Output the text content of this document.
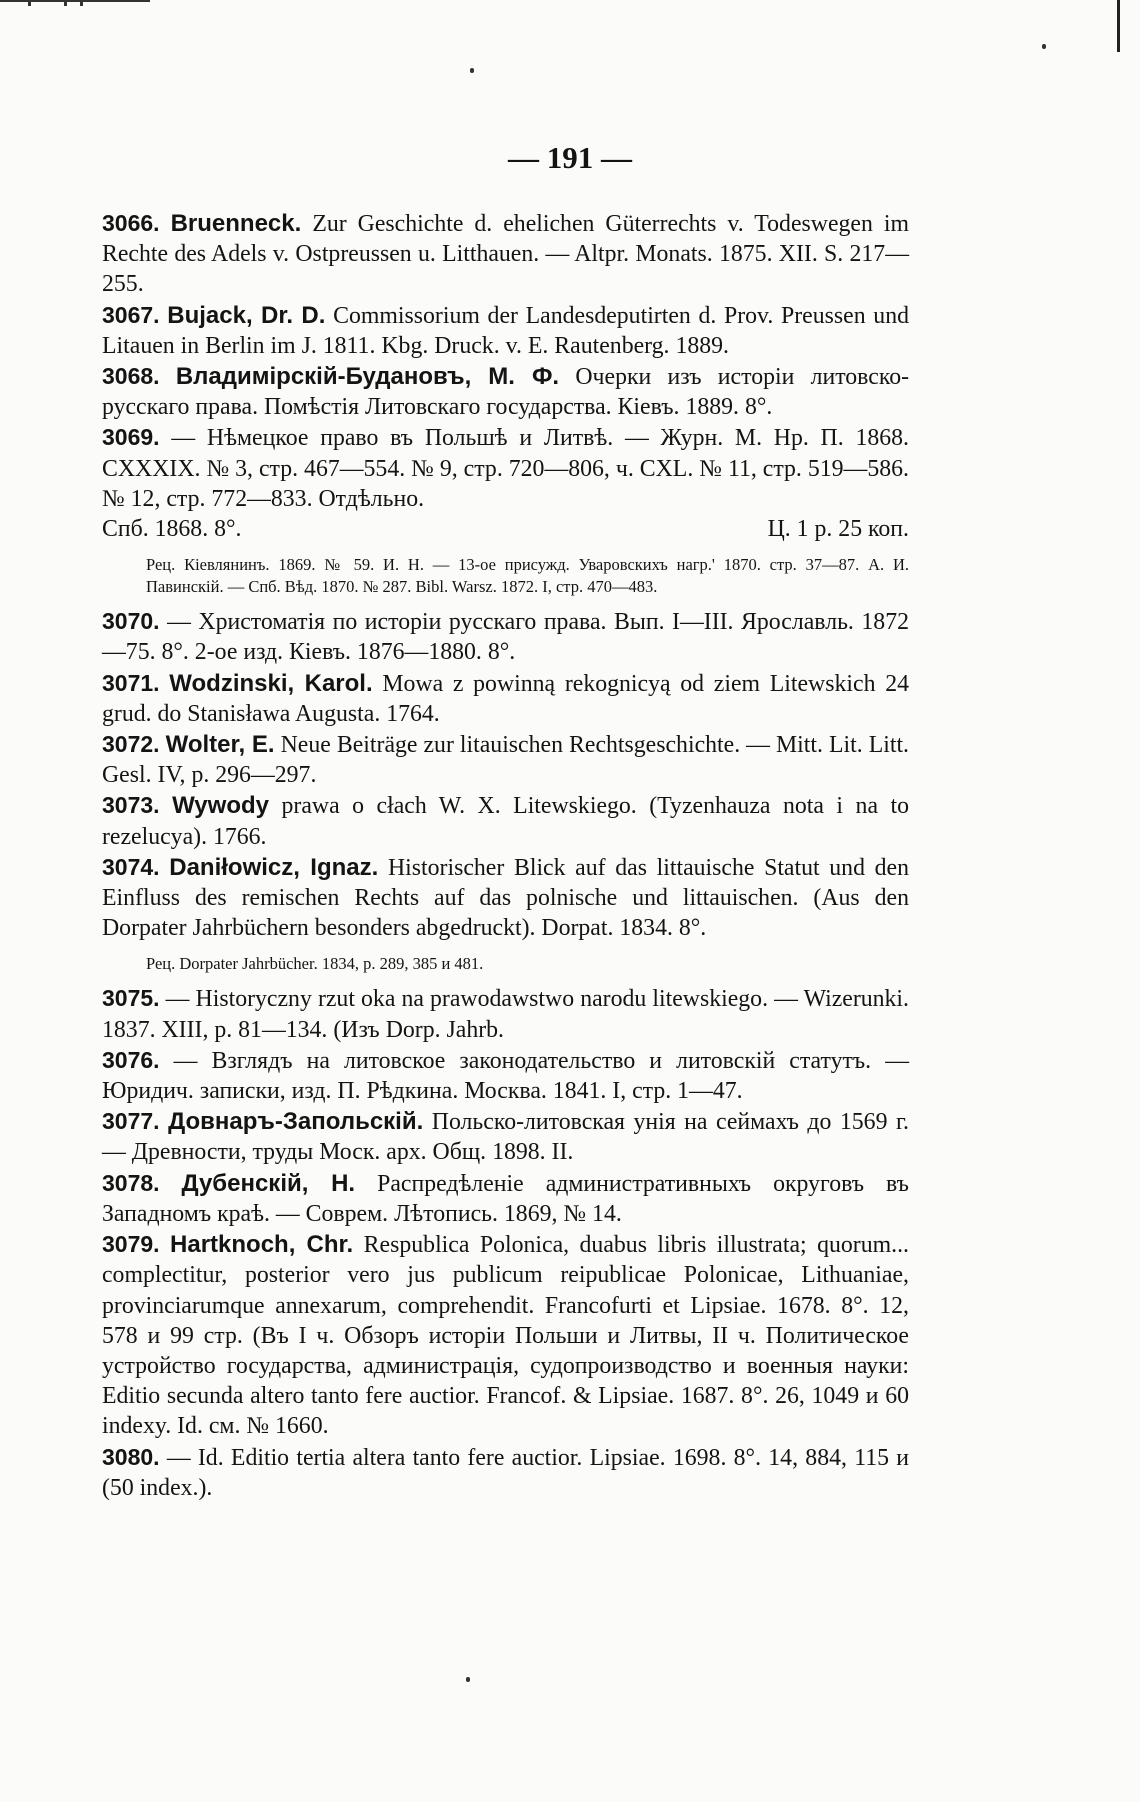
— 191 —

3066. Bruenneck. Zur Geschichte d. ehelichen Güterrechts v. Todeswegen im Rechte des Adels v. Ostpreussen u. Litthauen. — Altpr. Monats. 1875. XII. S. 217—255.

3067. Bujack, Dr. D. Commissorium der Landesdeputirten d. Prov. Preussen und Litauen in Berlin im J. 1811. Kbg. Druck. v. E. Rautenberg. 1889.

3068. Владимірскій-Будановъ, М. Ф. Очерки изъ исторіи литовско-русскаго права. Помѣстія Литовскаго государства. Кіевъ. 1889. 8°.

3069. — Нѣмецкое право въ Польшѣ и Литвѣ. — Журн. М. Нр. П. 1868. CXXXIX. № 3, стр. 467—554. № 9, стр. 720—806, ч. CXL. № 11, стр. 519—586. № 12, стр. 772—833. Отдѣльно.

Спб. 1868. 8°.	Ц. 1 р. 25 коп.

Рец. Кіевлянинъ. 1869. № 59. И. Н. — 13-ое присужд. Уваровскихъ нагр.' 1870. стр. 37—87. А. И. Павинскій. — Спб. Вѣд. 1870. № 287. Bibl. Warsz. 1872. I, стр. 470—483.

3070. — Христоматія по исторіи русскаго права. Вып. I—III. Ярославль. 1872—75. 8°. 2-ое изд. Кіевъ. 1876—1880. 8°.

3071. Wodzinski, Karol. Mowa z powinną rekognicyą od ziem Litewskich 24 grud. do Stanisława Augusta. 1764.

3072. Wolter, E. Neue Beiträge zur litauischen Rechtsgeschichte. — Mitt. Lit. Litt. Gesl. IV, p. 296—297.

3073. Wywody prawa o cłach W. X. Litewskiego. (Tyzenhauza nota i na to rezelucya). 1766.

3074. Daniłowicz, Ignaz. Historischer Blick auf das littauische Statut und den Einfluss des remischen Rechts auf das polnische und littauischen. (Aus den Dorpater Jahrbüchern besonders abgedruckt). Dorpat. 1834. 8°.

Рец. Dorpater Jahrbücher. 1834, p. 289, 385 и 481.

3075. — Historyczny rzut oka na prawodawstwo narodu litewskiego. — Wizerunki. 1837. XIII, p. 81—134. (Изъ Dorp. Jahrb.

3076. — Взглядъ на литовское законодательство и литовскій статутъ. — Юридич. записки, изд. П. Рѣдкина. Москва. 1841. I, стр. 1—47.

3077. Довнаръ-Запольскій. Польско-литовская унія на сеймахъ до 1569 г. — Древности, труды Моск. арх. Общ. 1898. II.

3078. Дубенскій, Н. Распредѣленіе административныхъ округовъ въ Западномъ краѣ. — Соврем. Лѣтопись. 1869, № 14.

3079. Hartknoch, Chr. Respublica Polonica, duabus libris illustrata; quorum... complectitur, posterior vero jus publicum reipublicae Polonicae, Lithuaniae, provinciarumque annexarum, comprehendit. Francofurti et Lipsiae. 1678. 8°. 12, 578 и 99 стр. (Въ I ч. Обзоръ исторіи Польши и Литвы, II ч. Политическое устройство государства, администрація, судопроизводство и военныя науки: Editio secunda altero tanto fere auctior. Francof. & Lipsiae. 1687. 8°. 26, 1049 и 60 indexy. Id. см. № 1660.

3080. — Id. Editio tertia altera tanto fere auctior. Lipsiae. 1698. 8°. 14, 884, 115 и (50 index.).
